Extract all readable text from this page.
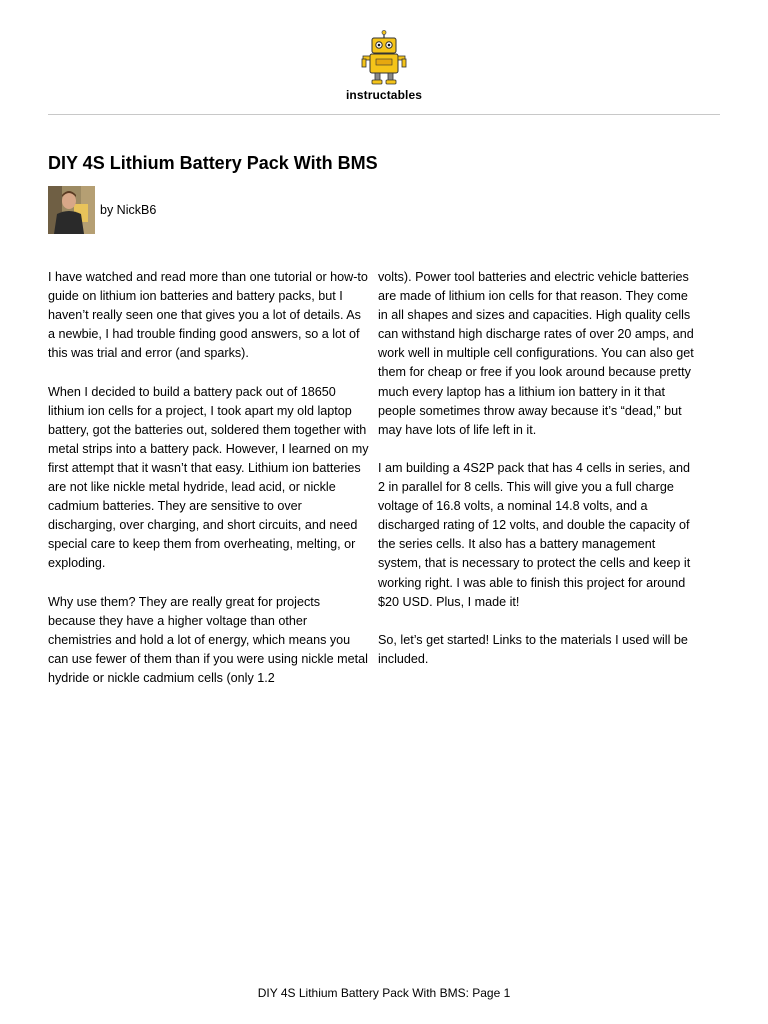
instructables
DIY 4S Lithium Battery Pack With BMS
by NickB6

I have watched and read more than one tutorial or how-to guide on lithium ion batteries and battery packs, but I haven’t really seen one that gives you a lot of details. As a newbie, I had trouble finding good answers, so a lot of this was trial and error (and sparks).

When I decided to build a battery pack out of 18650 lithium ion cells for a project, I took apart my old laptop battery, got the batteries out, soldered them together with metal strips into a battery pack. However, I learned on my first attempt that it wasn’t that easy. Lithium ion batteries are not like nickle metal hydride, lead acid, or nickle cadmium batteries. They are sensitive to over discharging, over charging, and short circuits, and need special care to keep them from overheating, melting, or exploding.

Why use them? They are really great for projects because they have a higher voltage than other chemistries and hold a lot of energy, which means you can use fewer of them than if you were using nickle metal hydride or nickle cadmium cells (only 1.2

volts). Power tool batteries and electric vehicle batteries are made of lithium ion cells for that reason. They come in all shapes and sizes and capacities. High quality cells can withstand high discharge rates of over 20 amps, and work well in multiple cell configurations. You can also get them for cheap or free if you look around because pretty much every laptop has a lithium ion battery in it that people sometimes throw away because it’s “dead,” but may have lots of life left in it.

I am building a 4S2P pack that has 4 cells in series, and 2 in parallel for 8 cells. This will give you a full charge voltage of 16.8 volts, a nominal 14.8 volts, and a discharged rating of 12 volts, and double the capacity of the series cells. It also has a battery management system, that is necessary to protect the cells and keep it working right. I was able to finish this project for around $20 USD. Plus, I made it!

So, let’s get started! Links to the materials I used will be included.

DIY 4S Lithium Battery Pack With BMS: Page 1
